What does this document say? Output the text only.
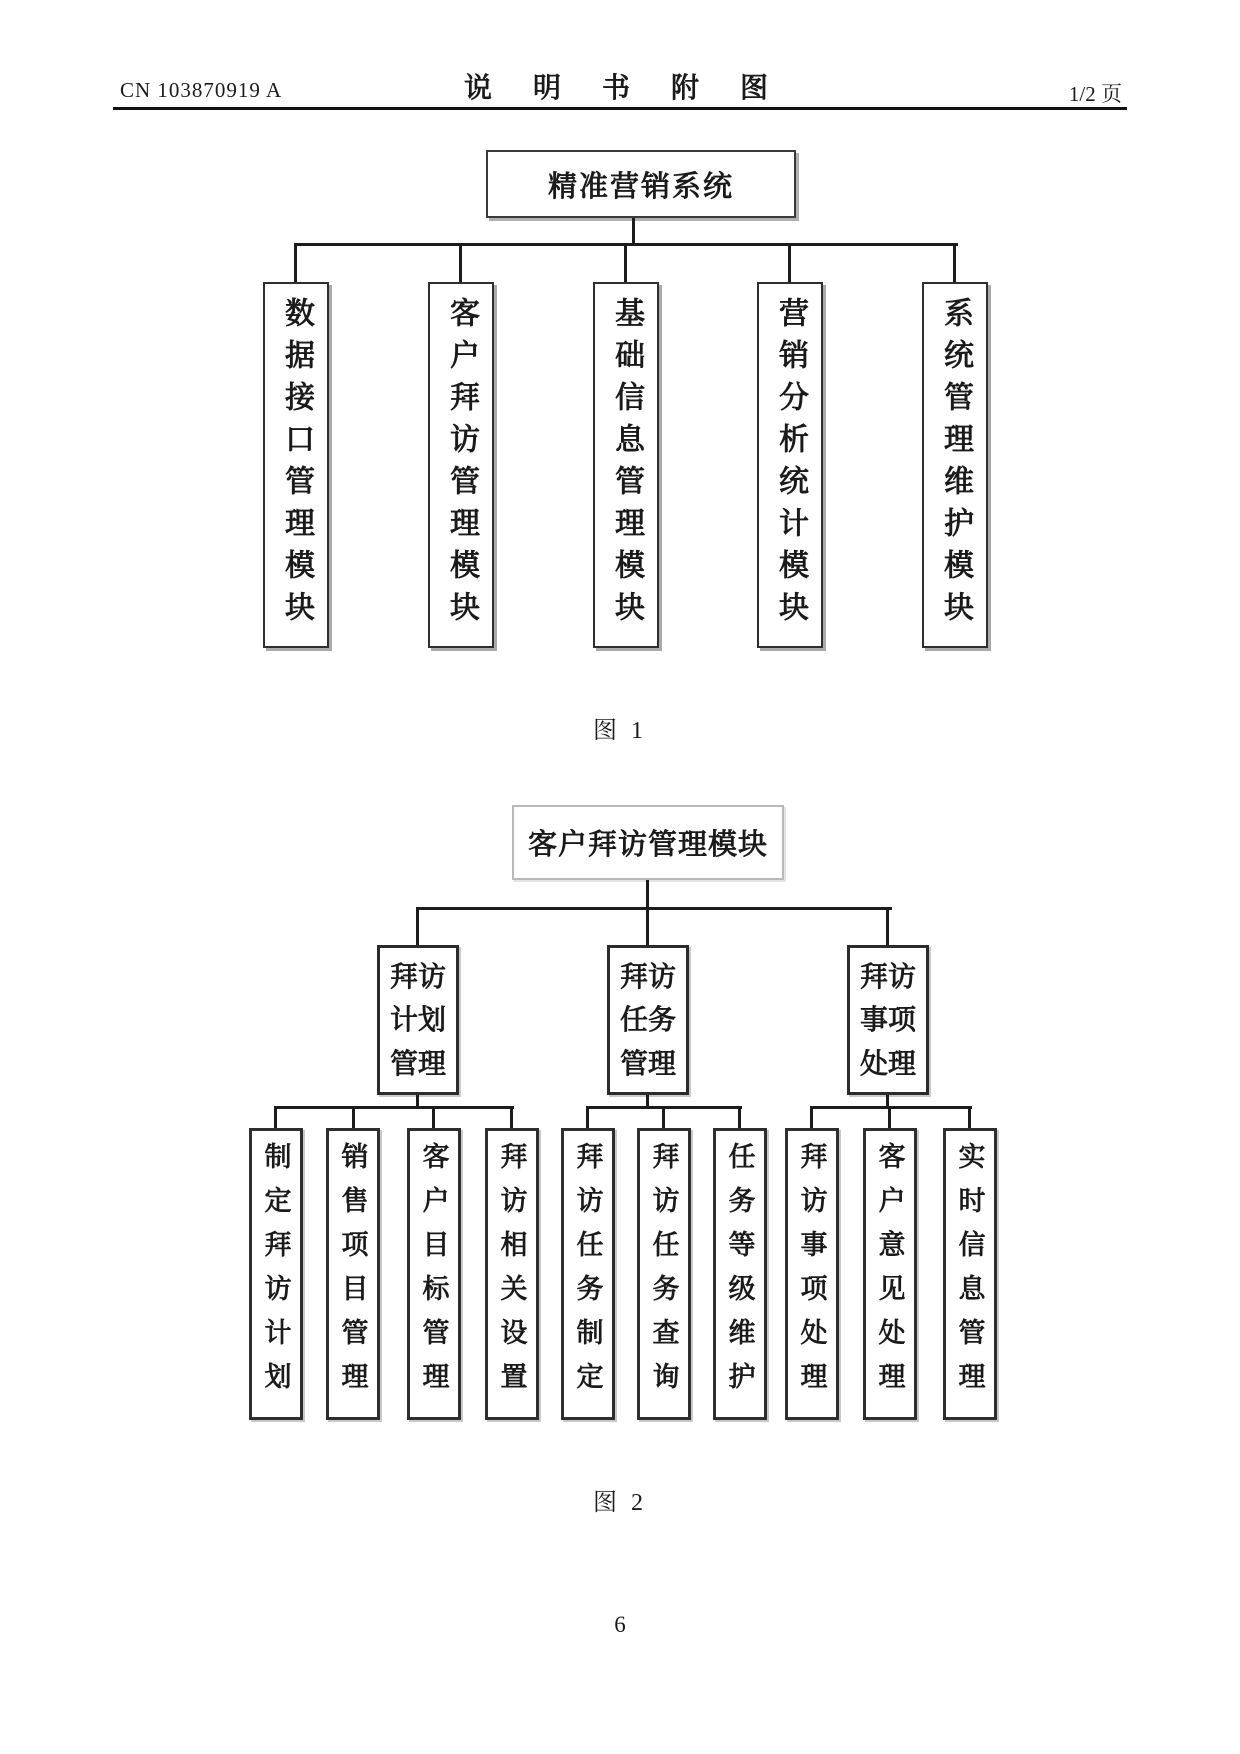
CN 103870919 A	说 明 书 附 图	1/2 页
精准营销系统
数据接口管理模块	客户拜访管理模块	基础信息管理模块	营销分析统计模块	系统管理维护模块
图 1
客户拜访管理模块
拜访计划管理
拜访任务管理
拜访事项处理
制定拜访计划 销售项目管理 客户目标管理 拜访相关设置 拜访任务制定 拜访任务查询 任务等级维护 拜访事项处理 客户意见处理 实时信息管理
图 2
6
